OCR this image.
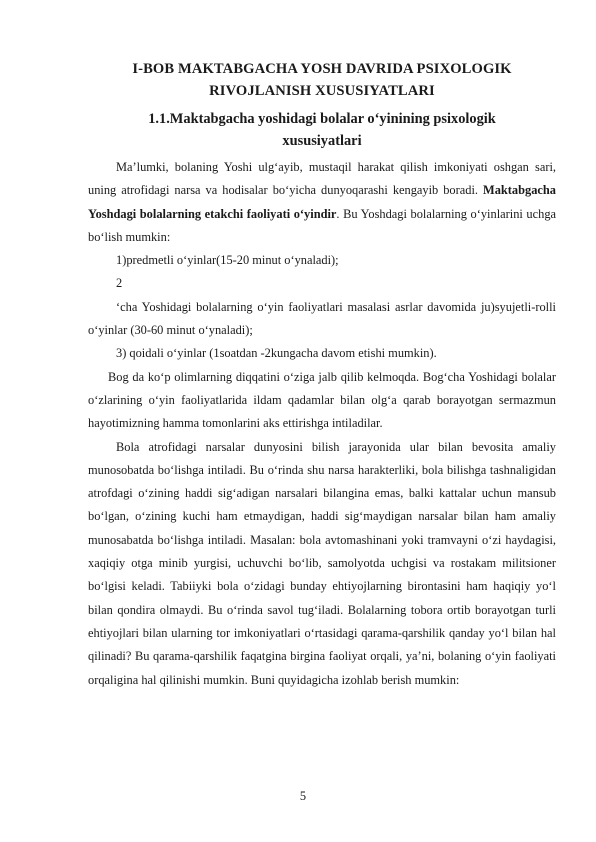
I-BOB MAKTABGACHA YOSH DAVRIDA PSIXOLOGIK
RIVOJLANISH XUSUSIYATLARI
1.1.Maktabgacha yoshidagi bolalar o‘yinining psixologik
xususiyatlari

Ma’lumki, bolaning Yoshi ulg‘ayib, mustaqil harakat qilish imkoniyati oshgan sari, uning atrofidagi narsa va hodisalar bo‘yicha dunyoqarashi kengayib boradi. Maktabgacha Yoshdagi bolalarning etakchi faoliyati o‘yindir. Bu Yoshdagi bolalarning o‘yinlarini uchga bo‘lish mumkin:

1)predmetli o‘yinlar(15-20 minut o‘ynaladi);

2

‘cha Yoshidagi bolalarning o‘yin faoliyatlari masalasi asrlar davomida ju)syujetli-rolli o‘yinlar (30-60 minut o‘ynaladi);

3) qoidali o‘yinlar (1soatdan -2kungacha davom etishi mumkin).

Bog da ko‘p olimlarning diqqatini o‘ziga jalb qilib kelmoqda. Bog‘cha Yoshidagi bolalar o‘zlarining o‘yin faoliyatlarida ildam qadamlar bilan olg‘a qarab borayotgan sermazmun hayotimizning hamma tomonlarini aks ettirishga intiladilar.

Bola atrofidagi narsalar dunyosini bilish jarayonida ular bilan bevosita amaliy munosobatda bo‘lishga intiladi. Bu o‘rinda shu narsa harakterliki, bola bilishga tashnaligidan atrofdagi o‘zining haddi sig‘adigan narsalari bilangina emas, balki kattalar uchun mansub bo‘lgan, o‘zining kuchi ham etmaydigan, haddi sig‘maydigan narsalar bilan ham amaliy munosabatda bo‘lishga intiladi. Masalan: bola avtomashinani yoki tramvayni o‘zi haydagisi, xaqiqiy otga minib yurgisi, uchuvchi bo‘lib, samolyotda uchgisi va rostakam militsioner bo‘lgisi keladi. Tabiiyki bola o‘zidagi bunday ehtiyojlarning birontasini ham haqiqiy yo‘l bilan qondira olmaydi. Bu o‘rinda savol tug‘iladi. Bolalarning tobora ortib borayotgan turli ehtiyojlari bilan ularning tor imkoniyatlari o‘rtasidagi qarama-qarshilik qanday yo‘l bilan hal qilinadi? Bu qarama-qarshilik faqatgina birgina faoliyat orqali, ya’ni, bolaning o‘yin faoliyati orqaligina hal qilinishi mumkin. Buni quyidagicha izohlab berish mumkin:

5
